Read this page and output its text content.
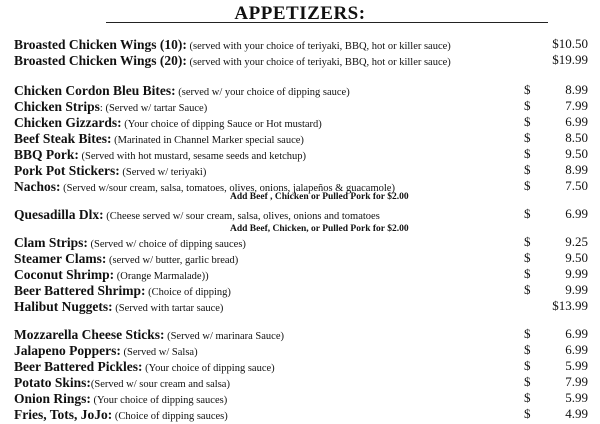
APPETIZERS:
Broasted Chicken Wings (10): (served with your choice of teriyaki, BBQ, hot or killer sauce)	$10.50
Broasted Chicken Wings (20): (served with your choice of teriyaki, BBQ, hot or killer sauce)	$19.99
Chicken Cordon Bleu Bites: (served w/ your choice of dipping sauce)	$	8.99
Chicken Strips: (Served w/ tartar Sauce)	$	7.99
Chicken Gizzards: (Your choice of dipping Sauce or Hot mustard)	$	6.99
Beef Steak Bites: (Marinated in Channel Marker special sauce)	$	8.50
BBQ Pork: (Served with hot mustard, sesame seeds and ketchup)	$	9.50
Pork Pot Stickers: (Served w/ teriyaki)	$	8.99
Nachos: (Served w/sour cream, salsa, tomatoes, olives, onions, jalapeños & guacamole)	$	7.50
Quesadilla Dlx: (Cheese served w/ sour cream, salsa, olives, onions and tomatoes	$	6.99
Clam Strips: (Served w/ choice of dipping sauces)	$	9.25
Steamer Clams: (served w/ butter, garlic bread)	$	9.50
Coconut Shrimp: (Orange Marmalade))	$	9.99
Beer Battered Shrimp: (Choice of dipping)	$	9.99
Halibut Nuggets: (Served with tartar sauce)	$13.99
Mozzarella Cheese Sticks: (Served w/ marinara Sauce)	$	6.99
Jalapeno Poppers: (Served w/ Salsa)	$	6.99
Beer Battered Pickles: (Your choice of dipping sauce)	$	5.99
Potato Skins:(Served w/ sour cream and salsa)	$	7.99
Onion Rings: (Your choice of dipping sauces)	$	5.99
Fries, Tots, JoJo: (Choice of dipping sauces)	$	4.99
Add Beef , Chicken or Pulled Pork for $2.00
Add Beef, Chicken, or Pulled Pork for $2.00
